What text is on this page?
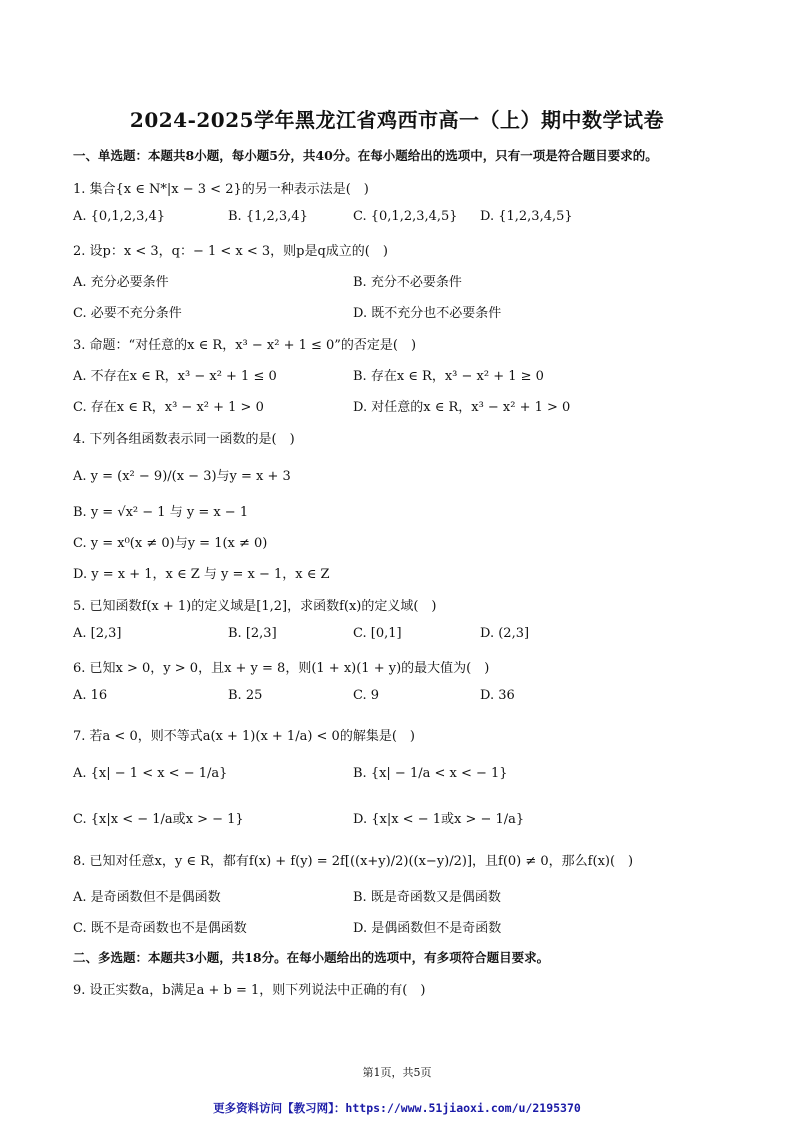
2024-2025学年黑龙江省鸡西市高一（上）期中数学试卷
一、单选题：本题共8小题，每小题5分，共40分。在每小题给出的选项中，只有一项是符合题目要求的。
1. 集合{x ∈ N*|x − 3 < 2}的另一种表示法是(　)
A. {0,1,2,3,4}	B. {1,2,3,4}	C. {0,1,2,3,4,5} D. {1,2,3,4,5}
2. 设p：x < 3，q：− 1 < x < 3，则p是q成立的(　)
A. 充分必要条件	B. 充分不必要条件
C. 必要不充分条件	D. 既不充分也不必要条件
3. 命题：“对任意的x ∈ R，x³ − x² + 1 ≤ 0”的否定是(　)
A. 不存在x ∈ R，x³ − x² + 1 ≤ 0	B. 存在x ∈ R，x³ − x² + 1 ≥ 0
C. 存在x ∈ R，x³ − x² + 1 > 0	D. 对任意的x ∈ R，x³ − x² + 1 > 0
4. 下列各组函数表示同一函数的是(　)
A. y = (x² − 9)/(x − 3)与y = x + 3
B. y = √x² − 1 与 y = x − 1
C. y = x⁰(x ≠ 0)与y = 1(x ≠ 0)
D. y = x + 1，x ∈ Z 与 y = x − 1，x ∈ Z
5. 已知函数f(x + 1)的定义域是[1,2]，求函数f(x)的定义域(　)
A. [2,3]	B. [2,3]	C. [0,1]	D. (2,3]
6. 已知x > 0，y > 0，且x + y = 8，则(1 + x)(1 + y)的最大值为(　)
A. 16	B. 25	C. 9	D. 36
7. 若a < 0，则不等式a(x + 1)(x + 1/a) < 0的解集是(　)
A. {x| − 1 < x < − 1/a}	B. {x| − 1/a < x < − 1}
C. {x|x < − 1/a或x > − 1}	D. {x|x < − 1或x > − 1/a}
8. 已知对任意x，y ∈ R，都有f(x) + f(y) = 2f[((x+y)/2)((x−y)/2)]，且f(0) ≠ 0，那么f(x)(　)
A. 是奇函数但不是偶函数	B. 既是奇函数又是偶函数
C. 既不是奇函数也不是偶函数	D. 是偶函数但不是奇函数
二、多选题：本题共3小题，共18分。在每小题给出的选项中，有多项符合题目要求。
9. 设正实数a，b满足a + b = 1，则下列说法中正确的有(　)
第1页，共5页
更多资料访问【教习网】：https://www.51jiaoxi.com/u/2195370
